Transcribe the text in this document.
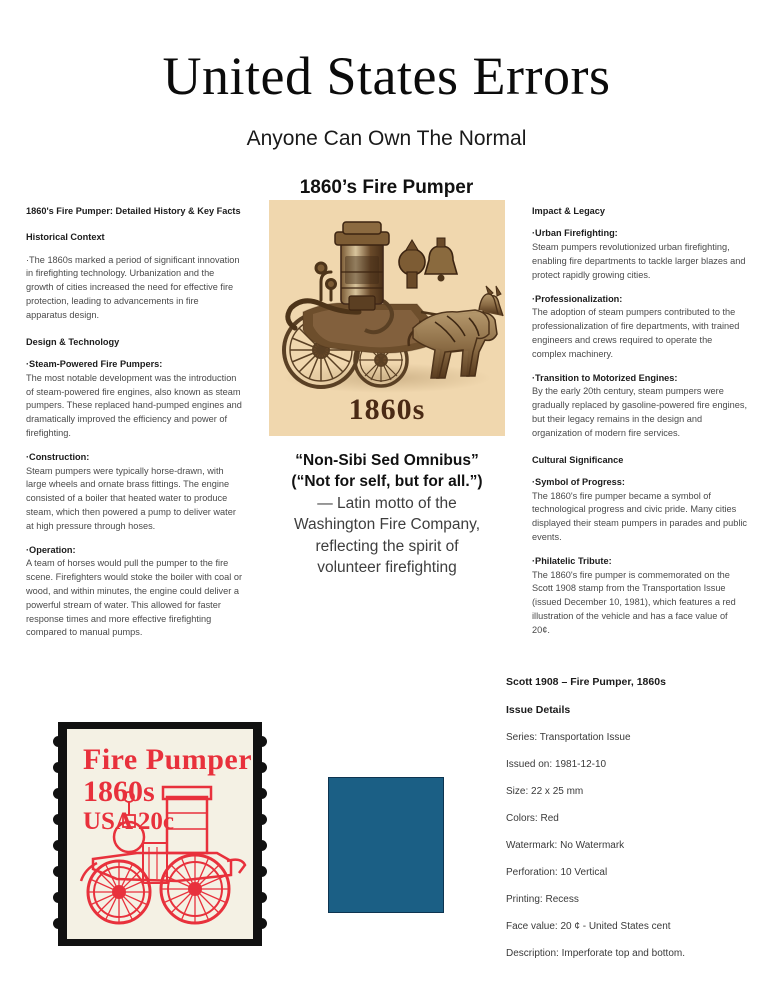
United States Errors
Anyone Can Own The Normal
1860’s Fire Pumper
1860's Fire Pumper: Detailed History & Key Facts
Historical Context
·The 1860s marked a period of significant innovation in firefighting technology. Urbanization and the growth of cities increased the need for effective fire protection, leading to advancements in fire apparatus design.
Design & Technology
·Steam-Powered Fire Pumpers:
The most notable development was the introduction of steam-powered fire engines, also known as steam pumpers. These replaced hand-pumped engines and dramatically improved the efficiency and power of firefighting.
·Construction:
Steam pumpers were typically horse-drawn, with large wheels and ornate brass fittings. The engine consisted of a boiler that heated water to produce steam, which then powered a pump to deliver water at high pressure through hoses.
·Operation:
A team of horses would pull the pumper to the fire scene. Firefighters would stoke the boiler with coal or wood, and within minutes, the engine could deliver a powerful stream of water. This allowed for faster response times and more effective firefighting compared to manual pumps.
1860s
“Non-Sibi Sed Omnibus”
(“Not for self, but for all.”)
— Latin motto of the
Washington Fire Company,
reflecting the spirit of
volunteer firefighting
Impact & Legacy
·Urban Firefighting:
Steam pumpers revolutionized urban firefighting, enabling fire departments to tackle larger blazes and protect rapidly growing cities.
·Professionalization:
The adoption of steam pumpers contributed to the professionalization of fire departments, with trained engineers and crews required to operate the complex machinery.
·Transition to Motorized Engines:
By the early 20th century, steam pumpers were gradually replaced by gasoline-powered fire engines, but their legacy remains in the design and organization of modern fire services.
Cultural Significance
·Symbol of Progress:
The 1860's fire pumper became a symbol of technological progress and civic pride. Many cities displayed their steam pumpers in parades and public events.
·Philatelic Tribute:
The 1860's fire pumper is commemorated on the Scott 1908 stamp from the Transportation Issue (issued December 10, 1981), which features a red illustration of the vehicle and has a face value of 20¢.
Fire Pumper
1860s
USA 20c
Scott 1908 – Fire Pumper, 1860s
Issue Details
Series: Transportation Issue
Issued on: 1981-12-10
Size: 22 x 25 mm
Colors: Red
Watermark: No Watermark
Perforation: 10 Vertical
Printing: Recess
Face value: 20 ¢ - United States cent
Description: Imperforate top and bottom.
